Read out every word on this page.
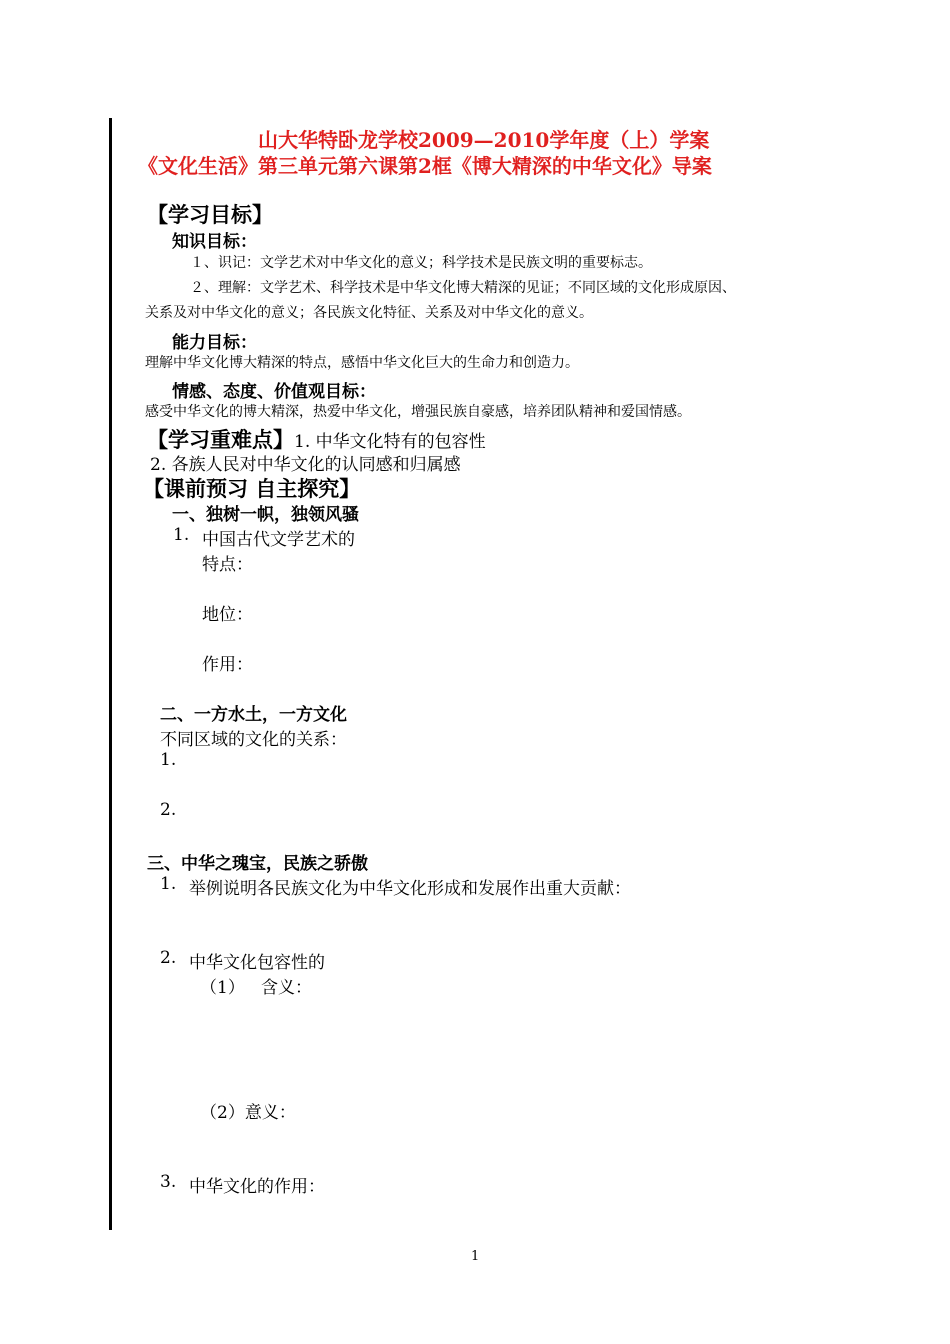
山大华特卧龙学校2009—2010学年度（上）学案
《文化生活》第三单元第六课第2框《博大精深的中华文化》导案
【学习目标】
知识目标：
１、识记：文学艺术对中华文化的意义；科学技术是民族文明的重要标志。
２、理解：文学艺术、科学技术是中华文化博大精深的见证；不同区域的文化形成原因、
关系及对中华文化的意义；各民族文化特征、关系及对中华文化的意义。
能力目标：
理解中华文化博大精深的特点，感悟中华文化巨大的生命力和创造力。
情感、态度、价值观目标：
感受中华文化的博大精深，热爱中华文化，增强民族自豪感，培养团队精神和爱国情感。
【学习重难点】1. 中华文化特有的包容性
2. 各族人民对中华文化的认同感和归属感
【课前预习 自主探究】
一、独树一帜，独领风骚
1. 中国古代文学艺术的
特点：
地位：
作用：
二、一方水土，一方文化
不同区域的文化的关系：
1.
2.
三、中华之瑰宝，民族之骄傲
1. 举例说明各民族文化为中华文化形成和发展作出重大贡献：
2. 中华文化包容性的
（1）   含义：
（2）意义：
3. 中华文化的作用：
1
